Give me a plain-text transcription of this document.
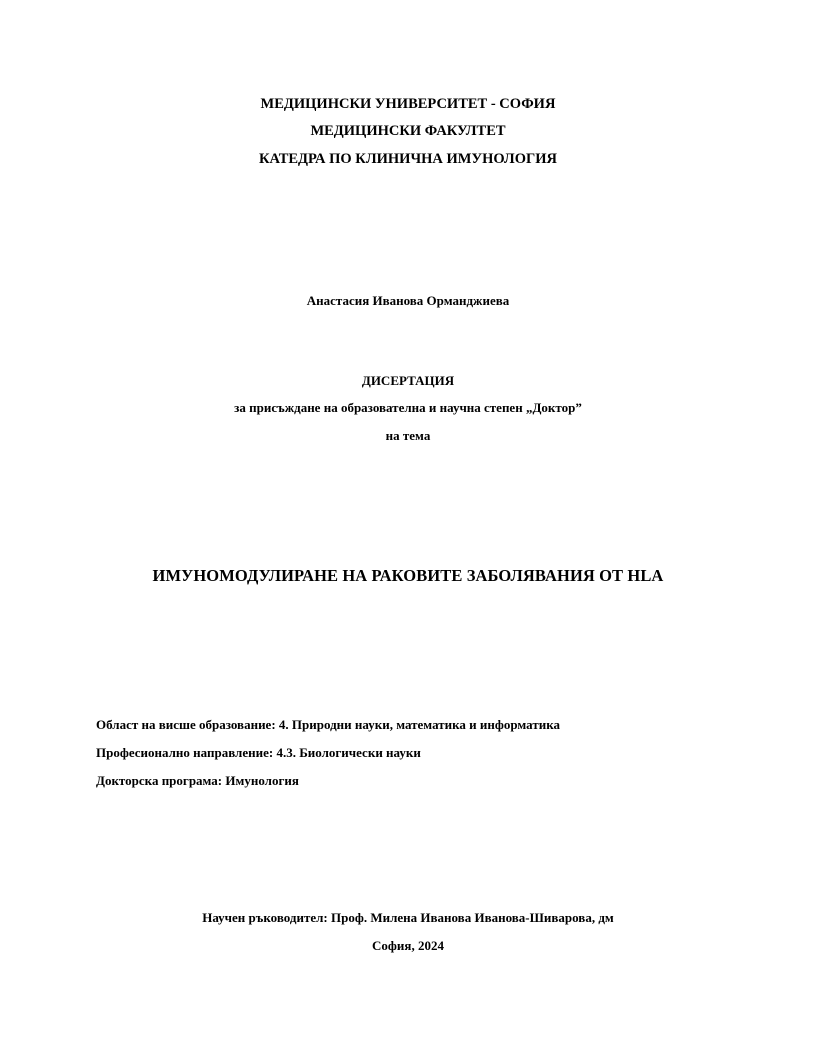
МЕДИЦИНСКИ УНИВЕРСИТЕТ - СОФИЯ
МЕДИЦИНСКИ ФАКУЛТЕТ
КАТЕДРА ПО КЛИНИЧНА ИМУНОЛОГИЯ
Анастасия Иванова Орманджиева
ДИСЕРТАЦИЯ
за присъждане на образователна и научна степен „Доктор”
на тема
ИМУНОМОДУЛИРАНЕ НА РАКОВИТЕ ЗАБОЛЯВАНИЯ ОТ HLA
Област на висше образование: 4. Природни науки, математика и информатика
Професионално направление: 4.3. Биологически науки
Докторска програма: Имунология
Научен ръководител: Проф. Милена Иванова Иванова-Шиварова, дм
София, 2024
